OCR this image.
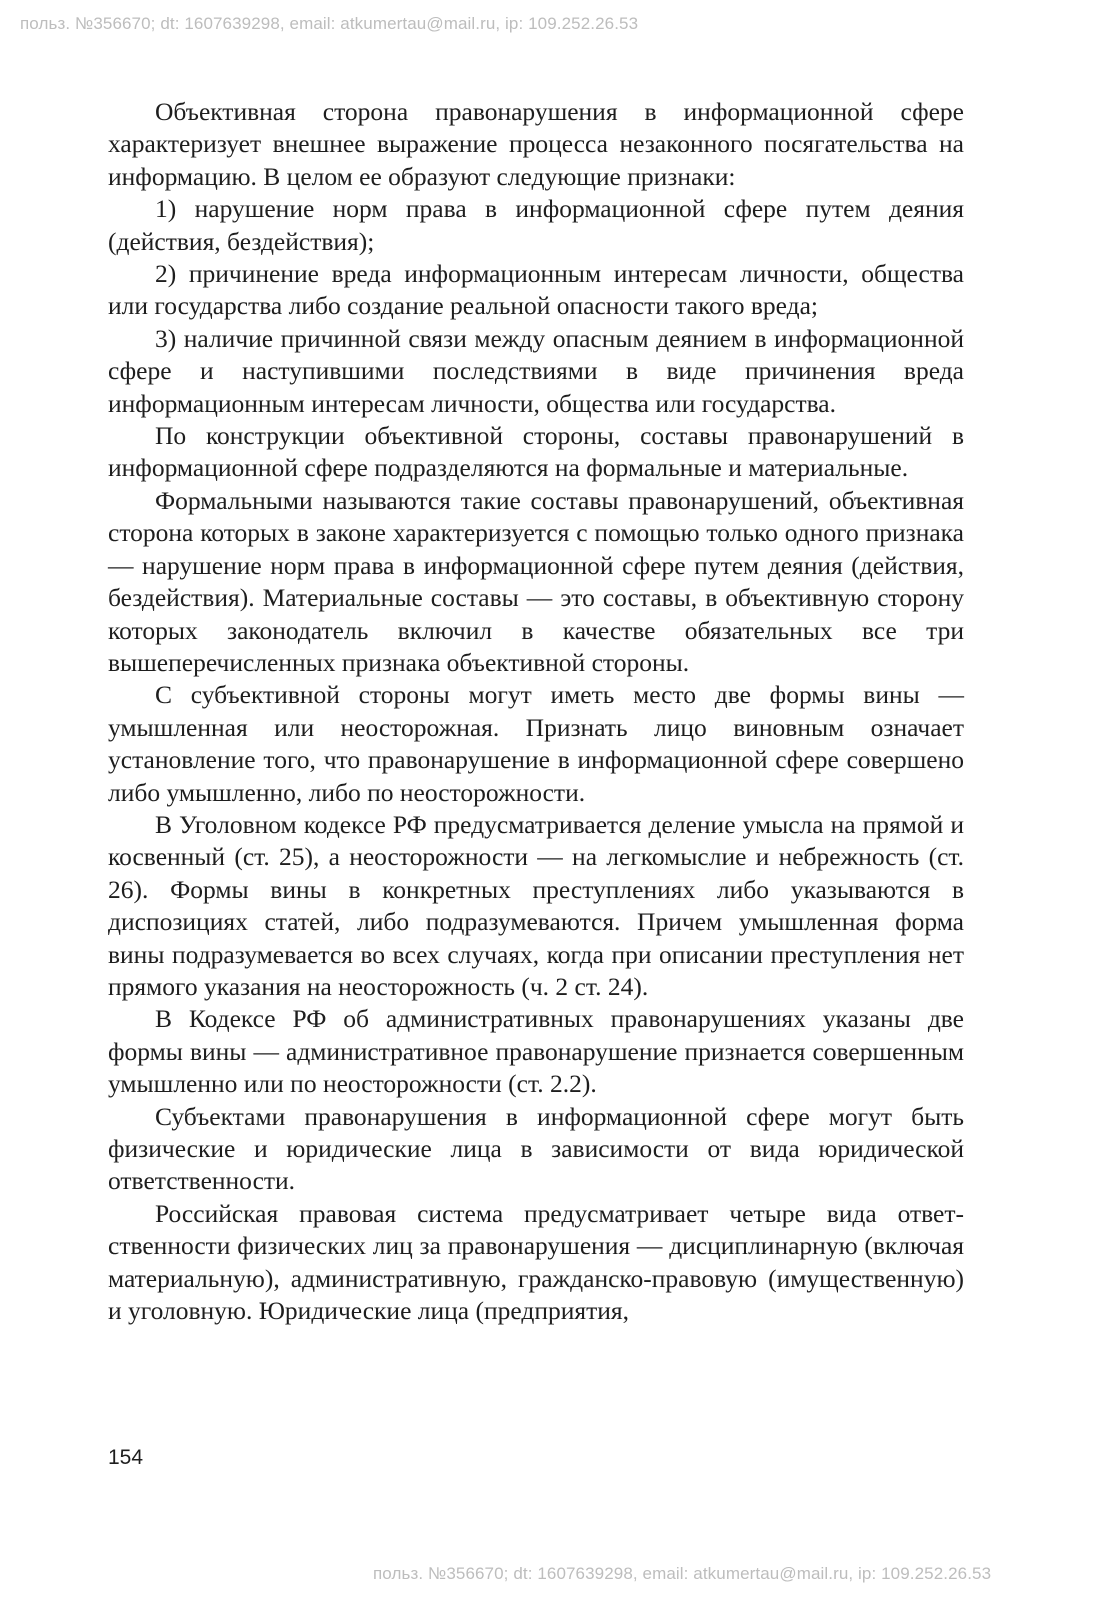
польз. №356670; dt: 1607639298, email: atkumertau@mail.ru, ip: 109.252.26.53

Объективная сторона правонарушения в информационной сфере характеризует внешнее выражение процесса незаконного посягательства на информацию. В целом ее образуют следующие признаки:

1) нарушение норм права в информационной сфере путем деяния (действия, бездействия);

2) причинение вреда информационным интересам личности, общества или государства либо создание реальной опасности такого вреда;

3) наличие причинной связи между опасным деянием в информационной сфере и наступившими последствиями в виде причинения вреда информационным интересам личности, общества или государства.

По конструкции объективной стороны, составы правонарушений в информационной сфере подразделяются на формальные и материальные.

Формальными называются такие составы правонарушений, объективная сторона которых в законе характеризуется с помощью только одного признака — нарушение норм права в информационной сфере путем деяния (действия, бездействия). Материальные составы — это составы, в объективную сторону которых законодатель включил в качестве обязательных все три вышеперечисленных признака объективной стороны.

С субъективной стороны могут иметь место две формы вины — умышленная или неосторожная. Признать лицо виновным означает установление того, что правонарушение в информационной сфере совершено либо умышленно, либо по неосторожности.

В Уголовном кодексе РФ предусматривается деление умысла на прямой и косвенный (ст. 25), а неосторожности — на легкомыслие и небрежность (ст. 26). Формы вины в конкретных преступлениях либо указываются в диспозициях статей, либо подразумеваются. Причем умышленная форма вины подразумевается во всех случаях, когда при описании преступления нет прямого указания на неосторожность (ч. 2 ст. 24).

В Кодексе РФ об административных правонарушениях указаны две формы вины — административное правонарушение признается совершенным умышленно или по неосторожности (ст. 2.2).

Субъектами правонарушения в информационной сфере могут быть физические и юридические лица в зависимости от вида юридической ответственности.

Российская правовая система предусматривает четыре вида ответственности физических лиц за правонарушения — дисциплинарную (включая материальную), административную, гражданско-правовую (имущественную) и уголовную. Юридические лица (предприятия,

154
польз. №356670; dt: 1607639298, email: atkumertau@mail.ru, ip: 109.252.26.53
